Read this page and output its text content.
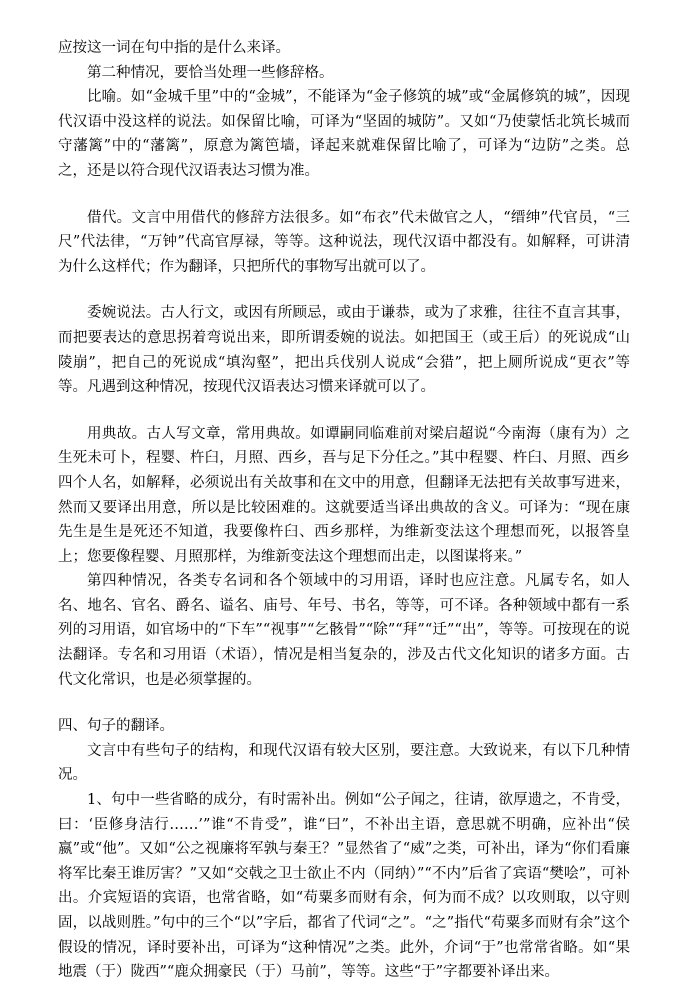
应按这一词在句中指的是什么来译。

第二种情况，要恰当处理一些修辞格。

比喻。如“金城千里”中的“金城”，不能译为“金子修筑的城”或“金属修筑的城”，因现代汉语中没这样的说法。如保留比喻，可译为“坚固的城防”。又如“乃使蒙恬北筑长城而守藩篱”中的“藩篱”，原意为篱笆墙，译起来就难保留比喻了，可译为“边防”之类。总之，还是以符合现代汉语表达习惯为准。

借代。文言中用借代的修辞方法很多。如“布衣”代未做官之人，“缙绅”代官员，“三尺”代法律，“万钟”代高官厚禄，等等。这种说法，现代汉语中都没有。如解释，可讲清为什么这样代；作为翻译，只把所代的事物写出就可以了。

委婉说法。古人行文，或因有所顾忌，或由于谦恭，或为了求雅，往往不直言其事，而把要表达的意思拐着弯说出来，即所谓委婉的说法。如把国王（或王后）的死说成“山陵崩”，把自己的死说成“填沟壑”，把出兵伐别人说成“会猎”，把上厕所说成“更衣”等等。凡遇到这种情况，按现代汉语表达习惯来译就可以了。

用典故。古人写文章，常用典故。如谭嗣同临难前对梁启超说“今南海（康有为）之生死未可卜，程婴、杵臼，月照、西乡，吾与足下分任之。”其中程婴、杵臼、月照、西乡四个人名，如解释，必须说出有关故事和在文中的用意，但翻译无法把有关故事写进来，然而又要译出用意，所以是比较困难的。这就要适当译出典故的含义。可译为：“现在康先生是生是死还不知道，我要像杵臼、西乡那样，为维新变法这个理想而死，以报答皇上；您要像程婴、月照那样，为维新变法这个理想而出走，以图谋将来。”

第四种情况，各类专名词和各个领域中的习用语，译时也应注意。凡属专名，如人名、地名、官名、爵名、谥名、庙号、年号、书名，等等，可不译。各种领域中都有一系列的习用语，如官场中的“下车”“视事”“乞骸骨”“除”“拜”“迁”“出”，等等。可按现在的说法翻译。专名和习用语（术语），情况是相当复杂的，涉及古代文化知识的诸多方面。古代文化常识，也是必须掌握的。

四、句子的翻译。

文言中有些句子的结构，和现代汉语有较大区别，要注意。大致说来，有以下几种情况。

1、句中一些省略的成分，有时需补出。例如“公子闻之，往请，欲厚遗之，不肯受，曰：‘臣修身洁行……’”谁“不肯受”，谁“曰”，不补出主语，意思就不明确，应补出“侯嬴”或“他”。又如“公之视廉将军孰与秦王？”显然省了“威”之类，可补出，译为“你们看廉将军比秦王谁厉害？”又如“交戟之卫士欲止不内（同纳）”“不内”后省了宾语“樊哙”，可补出。介宾短语的宾语，也常省略，如“苟粟多而财有余，何为而不成？以攻则取，以守则固，以战则胜。”句中的三个“以”字后，都省了代词“之”。“之”指代“苟粟多而财有余”这个假设的情况，译时要补出，可译为“这种情况”之类。此外，介词“于”也常常省略。如“果地震（于）陇西”“鹿众拥豪民（于）马前”，等等。这些“于”字都要补译出来。
